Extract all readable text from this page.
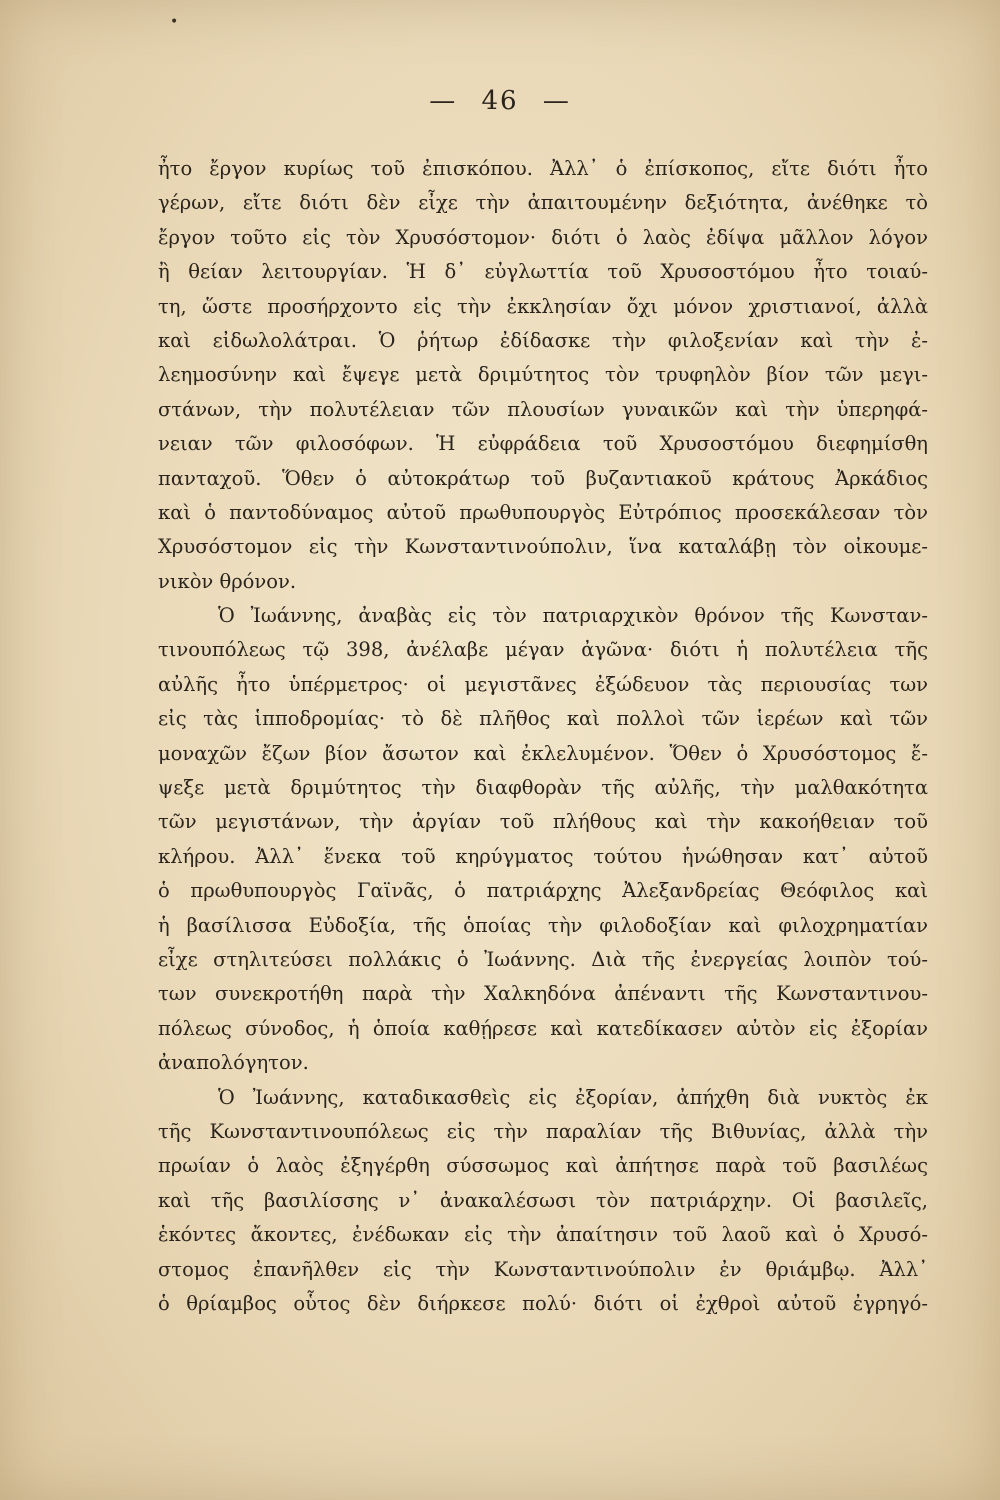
•
— 46 —
ἦτο ἔργον κυρίως τοῦ ἐπισκόπου. Ἀλλ᾽ ὁ ἐπίσκοπος, εἴτε διότι ἦτο
γέρων, εἴτε διότι δὲν εἶχε τὴν ἀπαιτουμένην δεξιότητα, ἀνέθηκε τὸ
ἔργον τοῦτο εἰς τὸν Χρυσόστομον· διότι ὁ λαὸς ἐδίψα μᾶλλον λόγον
ἢ θείαν λειτουργίαν. Ἡ δ᾽ εὐγλωττία τοῦ Χρυσοστόμου ἦτο τοιαύ-
τη, ὥστε προσήρχοντο εἰς τὴν ἐκκλησίαν ὄχι μόνον χριστιανοί, ἀλλὰ
καὶ εἰδωλολάτραι. Ὁ ῥήτωρ ἐδίδασκε τὴν φιλοξενίαν καὶ τὴν ἐ-
λεημοσύνην καὶ ἔψεγε μετὰ δριμύτητος τὸν τρυφηλὸν βίον τῶν μεγι-
στάνων, τὴν πολυτέλειαν τῶν πλουσίων γυναικῶν καὶ τὴν ὑπερηφά-
νειαν τῶν φιλοσόφων. Ἡ εὐφράδεια τοῦ Χρυσοστόμου διεφημίσθη
πανταχοῦ. Ὅθεν ὁ αὐτοκράτωρ τοῦ βυζαντιακοῦ κράτους Ἀρκάδιος
καὶ ὁ παντοδύναμος αὐτοῦ πρωθυπουργὸς Εὐτρόπιος προσεκάλεσαν τὸν
Χρυσόστομον εἰς τὴν Κωνσταντινούπολιν, ἵνα καταλάβῃ τὸν οἰκουμε-
νικὸν θρόνον.
Ὁ Ἰωάννης, ἀναβὰς εἰς τὸν πατριαρχικὸν θρόνον τῆς Κωνσταν-
τινουπόλεως τῷ 398, ἀνέλαβε μέγαν ἀγῶνα· διότι ἡ πολυτέλεια τῆς
αὐλῆς ἦτο ὑπέρμετρος· οἱ μεγιστᾶνες ἐξώδευον τὰς περιουσίας των
εἰς τὰς ἱπποδρομίας· τὸ δὲ πλῆθος καὶ πολλοὶ τῶν ἱερέων καὶ τῶν
μοναχῶν ἔζων βίον ἄσωτον καὶ ἐκλελυμένον. Ὅθεν ὁ Χρυσόστομος ἔ-
ψεξε μετὰ δριμύτητος τὴν διαφθορὰν τῆς αὐλῆς, τὴν μαλθακότητα
τῶν μεγιστάνων, τὴν ἀργίαν τοῦ πλήθους καὶ τὴν κακοήθειαν τοῦ
κλήρου. Ἀλλ᾽ ἕνεκα τοῦ κηρύγματος τούτου ἡνώθησαν κατ᾽ αὐτοῦ
ὁ πρωθυπουργὸς Γαϊνᾶς, ὁ πατριάρχης Ἀλεξανδρείας Θεόφιλος καὶ
ἡ βασίλισσα Εὐδοξία, τῆς ὁποίας τὴν φιλοδοξίαν καὶ φιλοχρηματίαν
εἶχε στηλιτεύσει πολλάκις ὁ Ἰωάννης. Διὰ τῆς ἐνεργείας λοιπὸν τού-
των συνεκροτήθη παρὰ τὴν Χαλκηδόνα ἀπέναντι τῆς Κωνσταντινου-
πόλεως σύνοδος, ἡ ὁποία καθῄρεσε καὶ κατεδίκασεν αὐτὸν εἰς ἐξορίαν
ἀναπολόγητον.
Ὁ Ἰωάννης, καταδικασθεὶς εἰς ἐξορίαν, ἀπήχθη διὰ νυκτὸς ἐκ
τῆς Κωνσταντινουπόλεως εἰς τὴν παραλίαν τῆς Βιθυνίας, ἀλλὰ τὴν
πρωίαν ὁ λαὸς ἐξηγέρθη σύσσωμος καὶ ἀπήτησε παρὰ τοῦ βασιλέως
καὶ τῆς βασιλίσσης ν᾽ ἀνακαλέσωσι τὸν πατριάρχην. Οἱ βασιλεῖς,
ἑκόντες ἄκοντες, ἐνέδωκαν εἰς τὴν ἀπαίτησιν τοῦ λαοῦ καὶ ὁ Χρυσό-
στομος ἐπανῆλθεν εἰς τὴν Κωνσταντινούπολιν ἐν θριάμβῳ. Ἀλλ᾽
ὁ θρίαμβος οὗτος δὲν διήρκεσε πολύ· διότι οἱ ἐχθροὶ αὐτοῦ ἐγρηγό-
